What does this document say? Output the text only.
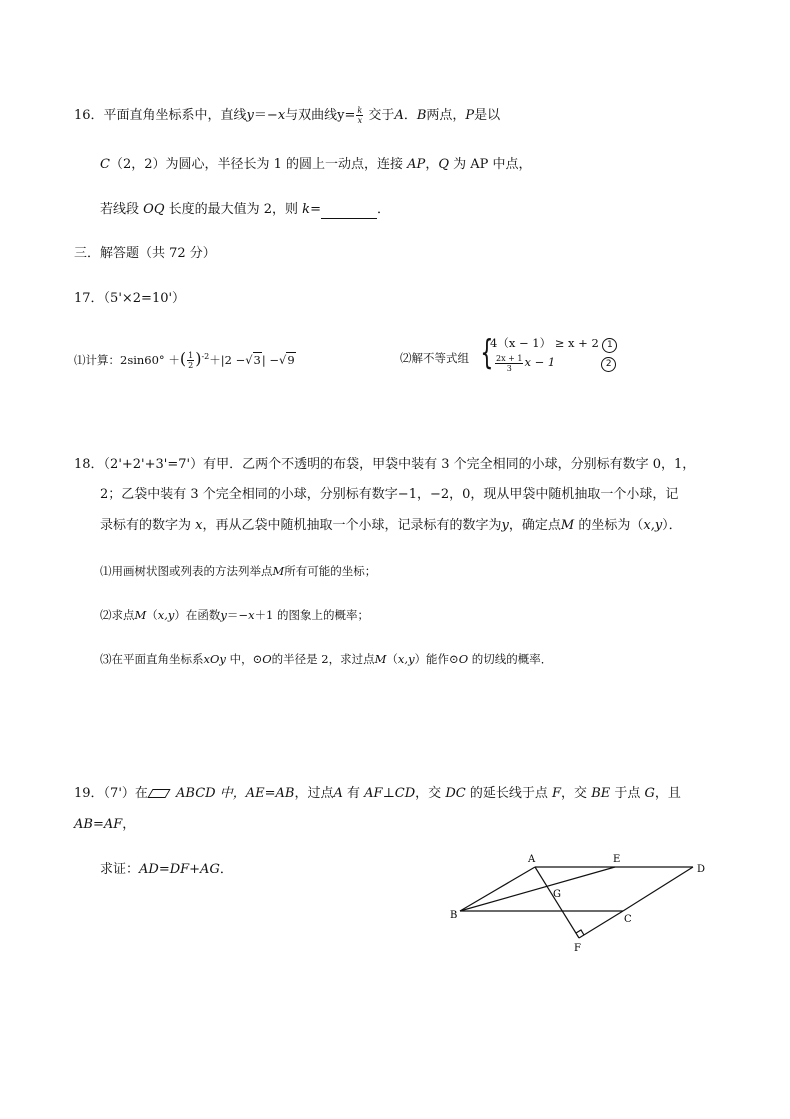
16．平面直角坐标系中，直线y＝−x与双曲线$y= \frac{k}{x}$ 交于A．B两点，P是以
C（2，2）为圆心，半径长为 1 的圆上一动点，连接 AP，Q 为 AP 中点，
若线段 OQ 长度的最大值为 2，则 k=	．
三．解答题（共 72 分）
17．（5'×2=10'）
⑴计算：2sin60° ＋( $\frac{1}{2} )^{-2}+|2 -√3| -√9$	⑵解不等式组 {
4（x − 1） ≥ x + 2 1
$\frac{2x + 1}{3}$ x − 1	2
18．（2'+2'+3'=7'）有甲．乙两个不透明的布袋，甲袋中装有 3 个完全相同的小球，分别标有数字 0，1，
2；乙袋中装有 3 个完全相同的小球，分别标有数字−1，−2，0，现从甲袋中随机抽取一个小球，记
录标有的数字为 x，再从乙袋中随机抽取一个小球，记录标有的数字为y，确定点M 的坐标为（x,y）．
⑴用画树状图或列表的方法列举点M所有可能的坐标；
⑵求点M（x,y）在函数y＝−x＋1 的图象上的概率；
⑶在平面直角坐标系xOy 中，⊙O的半径是 2，求过点M（x,y）能作⊙O 的切线的概率．
19．（7'）在 ABCD 中，AE=AB，过点A 有 AF⊥CD，交 DC 的延长线于点 F，交 BE 于点 G，且
AB=AF，
求证：AD=DF+AG．
A	E
D
G
B	C
F
